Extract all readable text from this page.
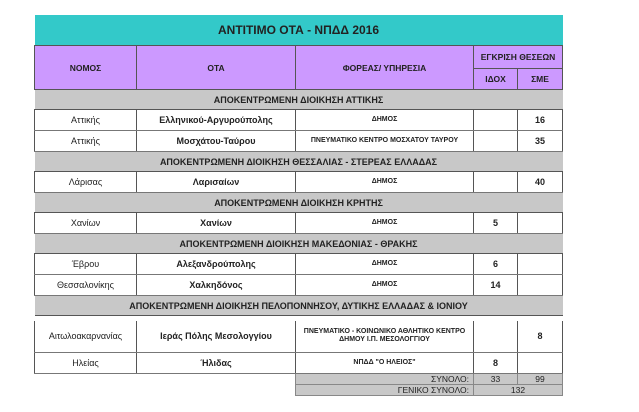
ΑΝΤΙΤΙΜΟ ΟΤΑ - ΝΠΔΔ 2016				
ΝΟΜΟΣ	ΟΤΑ	ΦΟΡΕΑΣ/ ΥΠΗΡΕΣΙΑ	ΕΓΚΡΙΣΗ ΘΕΣΕΩΝ	
			ΙΔΟΧ	ΣΜΕ
ΑΠΟΚΕΝΤΡΩΜΕΝΗ ΔΙΟΙΚΗΣΗ ΑΤΤΙΚΗΣ				
Αττικής	Ελληνικού-Αργυρούπολης	ΔΗΜΟΣ		16
Αττικής	Μοσχάτου-Ταύρου	ΠΝΕΥΜΑΤΙΚΟ ΚΕΝΤΡΟ ΜΟΣΧΑΤΟΥ ΤΑΥΡΟΥ		35
ΑΠΟΚΕΝΤΡΩΜΕΝΗ ΔΙΟΙΚΗΣΗ ΘΕΣΣΑΛΙΑΣ - ΣΤΕΡΕΑΣ ΕΛΛΑΔΑΣ				
Λάρισας	Λαρισαίων	ΔΗΜΟΣ		40
ΑΠΟΚΕΝΤΡΩΜΕΝΗ ΔΙΟΙΚΗΣΗ ΚΡΗΤΗΣ				
Χανίων	Χανίων	ΔΗΜΟΣ	5	
ΑΠΟΚΕΝΤΡΩΜΕΝΗ ΔΙΟΙΚΗΣΗ ΜΑΚΕΔΟΝΙΑΣ - ΘΡΑΚΗΣ				
Έβρου	Αλεξανδρούπολης	ΔΗΜΟΣ	6	
Θεσσαλονίκης	Χαλκηδόνος	ΔΗΜΟΣ	14	
ΑΠΟΚΕΝΤΡΩΜΕΝΗ ΔΙΟΙΚΗΣΗ ΠΕΛΟΠΟΝΝΗΣΟΥ, ΔΥΤΙΚΗΣ ΕΛΛΑΔΑΣ & ΙΟΝΙΟΥ				

Αιτωλοακαρνανίας	Ιεράς Πόλης Μεσολογγίου	ΠΝΕΥΜΑΤΙΚΟ - ΚΟΙΝΩΝΙΚΟ ΑΘΛΗΤΙΚΟ ΚΕΝΤΡΟ ΔΗΜΟΥ Ι.Π. ΜΕΣΟΛΟΓΓΙΟΥ		8
Ηλείας	Ήλιδας	ΝΠΔΔ "Ο ΗΛΕΙΟΣ"	8	
		ΣΥΝΟΛΟ:	33	99
		ΓΕΝΙΚΟ ΣΥΝΟΛΟ:	132	
